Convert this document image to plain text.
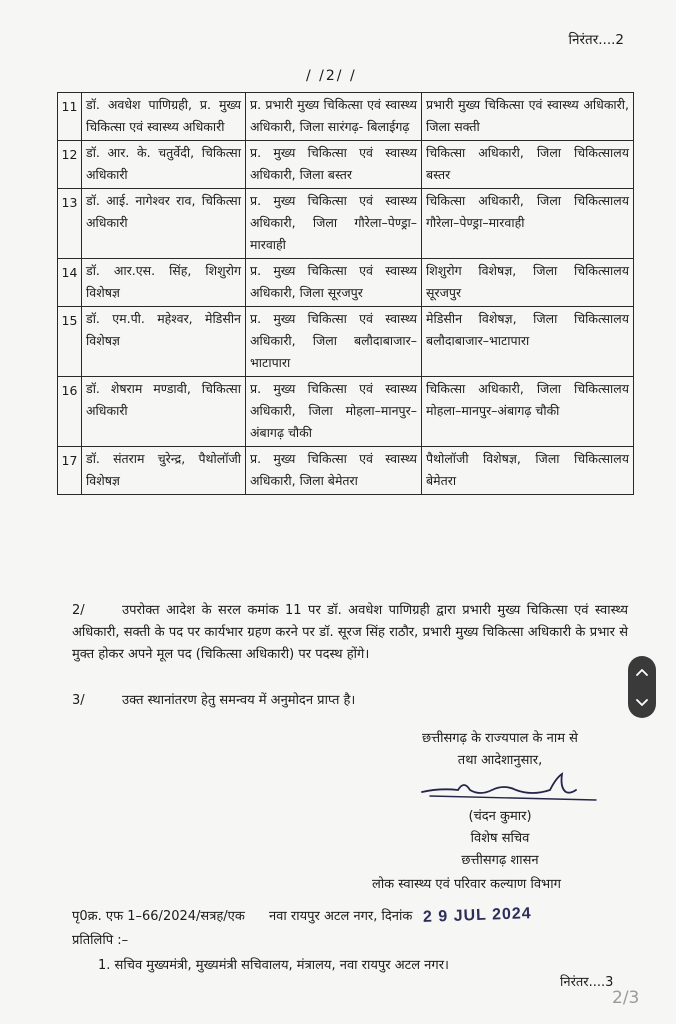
निरंतर....2
/ /2/ /
11	डॉ. अवधेश पाणिग्रही, प्र. मुख्य चिकित्सा एवं स्वास्थ्य अधिकारी	प्र. प्रभारी मुख्य चिकित्सा एवं स्वास्थ्य अधिकारी, जिला सारंगढ़- बिलाईगढ़	प्रभारी मुख्य चिकित्सा एवं स्वास्थ्य अधिकारी, जिला सक्ती
12	डॉ. आर. के. चतुर्वेदी, चिकित्सा अधिकारी	प्र. मुख्य चिकित्सा एवं स्वास्थ्य अधिकारी, जिला बस्तर	चिकित्सा अधिकारी, जिला चिकित्सालय बस्तर
13	डॉ. आई. नागेश्वर राव, चिकित्सा अधिकारी	प्र. मुख्य चिकित्सा एवं स्वास्थ्य अधिकारी, जिला गौरेला–पेण्ड्रा–मारवाही	चिकित्सा अधिकारी, जिला चिकित्सालय गौरेला–पेण्ड्रा–मारवाही
14	डॉ. आर.एस. सिंह, शिशुरोग विशेषज्ञ	प्र. मुख्य चिकित्सा एवं स्वास्थ्य अधिकारी, जिला सूरजपुर	शिशुरोग विशेषज्ञ, जिला चिकित्सालय सूरजपुर
15	डॉ. एम.पी. महेश्वर, मेडिसीन विशेषज्ञ	प्र. मुख्य चिकित्सा एवं स्वास्थ्य अधिकारी, जिला बलौदाबाजार–भाटापारा	मेडिसीन विशेषज्ञ, जिला चिकित्सालय बलौदाबाजार–भाटापारा
16	डॉ. शेषराम मण्डावी, चिकित्सा अधिकारी	प्र. मुख्य चिकित्सा एवं स्वास्थ्य अधिकारी, जिला मोहला–मानपुर– अंबागढ़ चौकी	चिकित्सा अधिकारी, जिला चिकित्सालय मोहला–मानपुर–अंबागढ़ चौकी
17	डॉ. संतराम चुरेन्द्र, पैथोलॉजी विशेषज्ञ	प्र. मुख्य चिकित्सा एवं स्वास्थ्य अधिकारी, जिला बेमेतरा	पैथोलॉजी विशेषज्ञ, जिला चिकित्सालय बेमेतरा
2/	उपरोक्त आदेश के सरल कमांक 11 पर डॉ. अवधेश पाणिग्रही द्वारा प्रभारी मुख्य चिकित्सा एवं स्वास्थ्य अधिकारी, सक्ती के पद पर कार्यभार ग्रहण करने पर डॉ. सूरज सिंह राठौर, प्रभारी मुख्य चिकित्सा अधिकारी के प्रभार से मुक्त होकर अपने मूल पद (चिकित्सा अधिकारी) पर पदस्थ होंगे।
3/	उक्त स्थानांतरण हेतु समन्वय में अनुमोदन प्राप्त है।
छत्तीसगढ़ के राज्यपाल के नाम से
तथा आदेशानुसार,
(चंदन कुमार)
विशेष सचिव
छत्तीसगढ़ शासन
लोक स्वास्थ्य एवं परिवार कल्याण विभाग
पृ0क्र. एफ 1–66/2024/सत्रह/एक नवा रायपुर अटल नगर, दिनांक 2 9 JUL 2024
प्रतिलिपि :–
1. सचिव मुख्यमंत्री, मुख्यमंत्री सचिवालय, मंत्रालय, नवा रायपुर अटल नगर।
निरंतर....3
2/3
